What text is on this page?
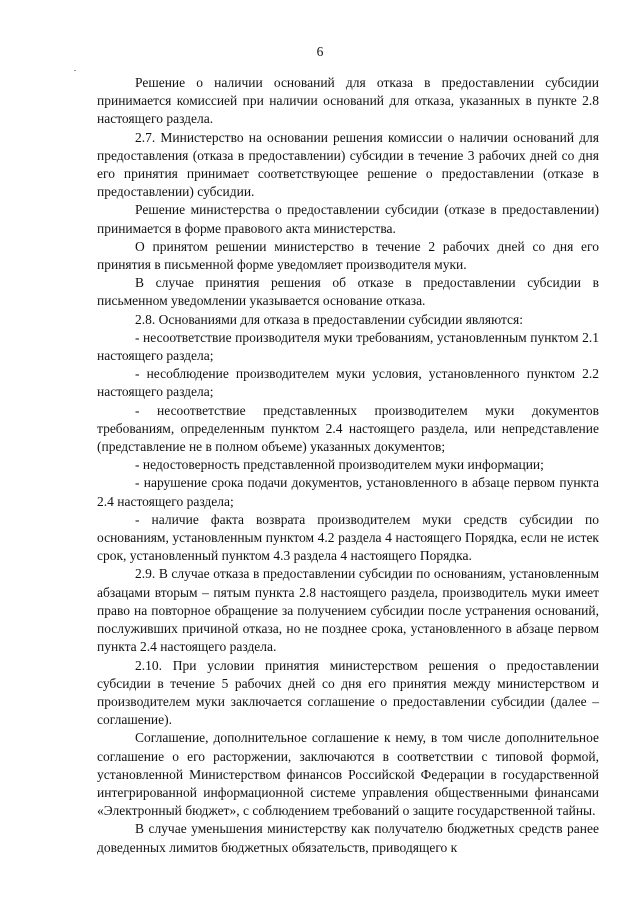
6

Решение о наличии оснований для отказа в предоставлении субсидии принимается комиссией при наличии оснований для отказа, указанных в пункте 2.8 настоящего раздела.

2.7. Министерство на основании решения комиссии о наличии оснований для предоставления (отказа в предоставлении) субсидии в течение 3 рабочих дней со дня его принятия принимает соответствующее решение о предоставлении (отказе в предоставлении) субсидии.

Решение министерства о предоставлении субсидии (отказе в предоставлении) принимается в форме правового акта министерства.

О принятом решении министерство в течение 2 рабочих дней со дня его принятия в письменной форме уведомляет производителя муки.

В случае принятия решения об отказе в предоставлении субсидии в письменном уведомлении указывается основание отказа.

2.8. Основаниями для отказа в предоставлении субсидии являются:

- несоответствие производителя муки требованиям, установленным пунктом 2.1 настоящего раздела;

- несоблюдение производителем муки условия, установленного пунктом 2.2 настоящего раздела;

- несоответствие представленных производителем муки документов требованиям, определенным пунктом 2.4 настоящего раздела, или непредставление (представление не в полном объеме) указанных документов;

- недостоверность представленной производителем муки информации;

- нарушение срока подачи документов, установленного в абзаце первом пункта 2.4 настоящего раздела;

- наличие факта возврата производителем муки средств субсидии по основаниям, установленным пунктом 4.2 раздела 4 настоящего Порядка, если не истек срок, установленный пунктом 4.3 раздела 4 настоящего Порядка.

2.9. В случае отказа в предоставлении субсидии по основаниям, установленным абзацами вторым – пятым пункта 2.8 настоящего раздела, производитель муки имеет право на повторное обращение за получением субсидии после устранения оснований, послуживших причиной отказа, но не позднее срока, установленного в абзаце первом пункта 2.4 настоящего раздела.

2.10. При условии принятия министерством решения о предоставлении субсидии в течение 5 рабочих дней со дня его принятия между министерством и производителем муки заключается соглашение о предоставлении субсидии (далее – соглашение).

Соглашение, дополнительное соглашение к нему, в том числе дополнительное соглашение о его расторжении, заключаются в соответствии с типовой формой, установленной Министерством финансов Российской Федерации в государственной интегрированной информационной системе управления общественными финансами «Электронный бюджет», с соблюдением требований о защите государственной тайны.

В случае уменьшения министерству как получателю бюджетных средств ранее доведенных лимитов бюджетных обязательств, приводящего к
